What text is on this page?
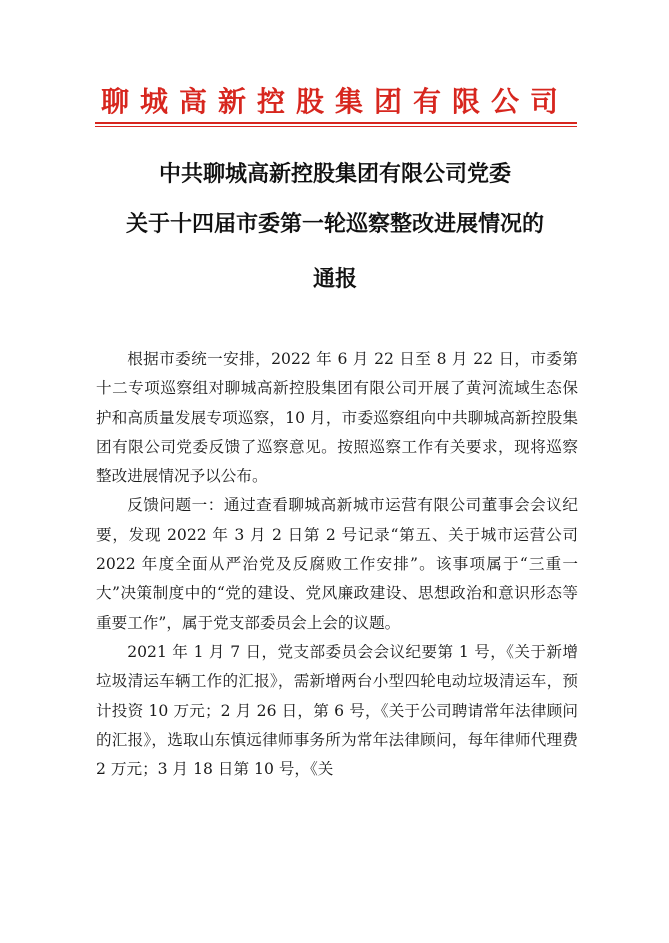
聊城高新控股集团有限公司
中共聊城高新控股集团有限公司党委
关于十四届市委第一轮巡察整改进展情况的
通报

根据市委统一安排，2022 年 6 月 22 日至 8 月 22 日，市委第十二专项巡察组对聊城高新控股集团有限公司开展了黄河流域生态保护和高质量发展专项巡察，10 月，市委巡察组向中共聊城高新控股集团有限公司党委反馈了巡察意见。按照巡察工作有关要求，现将巡察整改进展情况予以公布。

反馈问题一：通过查看聊城高新城市运营有限公司董事会会议纪要，发现 2022 年 3 月 2 日第 2 号记录“第五、关于城市运营公司 2022 年度全面从严治党及反腐败工作安排”。该事项属于“三重一大”决策制度中的“党的建设、党风廉政建设、思想政治和意识形态等重要工作”，属于党支部委员会上会的议题。

2021 年 1 月 7 日，党支部委员会会议纪要第 1 号，《关于新增垃圾清运车辆工作的汇报》，需新增两台小型四轮电动垃圾清运车，预计投资 10 万元；2 月 26 日，第 6 号，《关于公司聘请常年法律顾问的汇报》，选取山东慎远律师事务所为常年法律顾问，每年律师代理费 2 万元；3 月 18 日第 10 号，《关
